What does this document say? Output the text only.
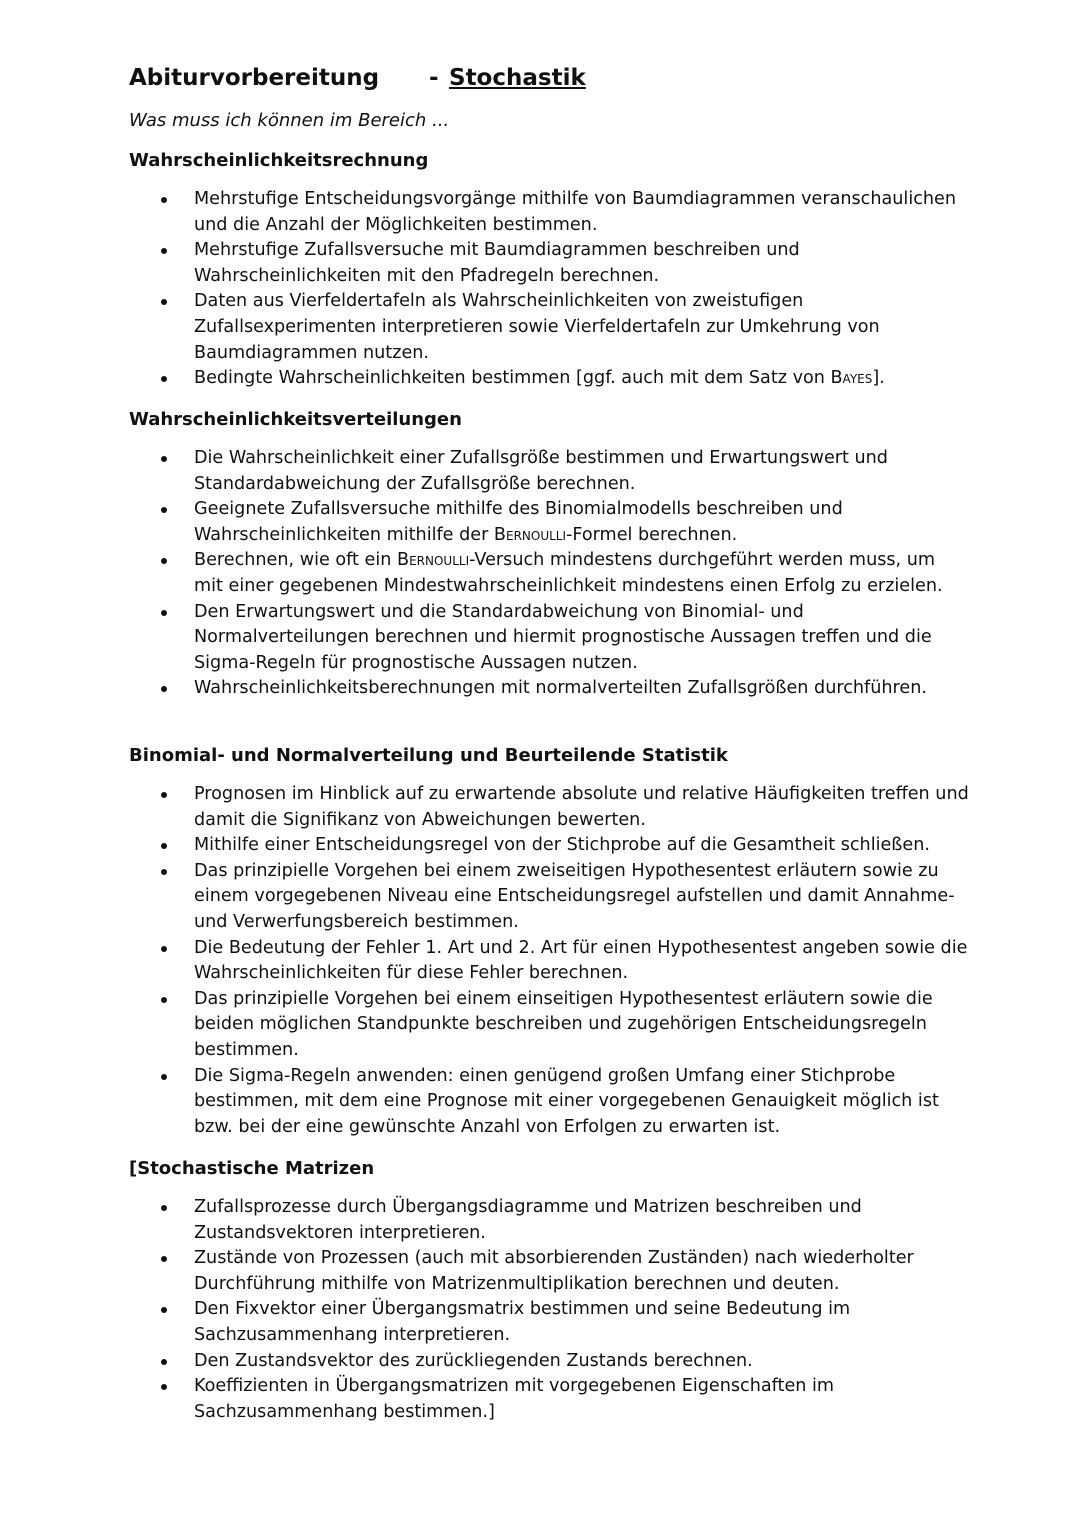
Abiturvorbereitung - Stochastik
Was muss ich können im Bereich ...
Wahrscheinlichkeitsrechnung
Mehrstufige Entscheidungsvorgänge mithilfe von Baumdiagrammen veranschaulichen und die Anzahl der Möglichkeiten bestimmen.
Mehrstufige Zufallsversuche mit Baumdiagrammen beschreiben und Wahrscheinlichkeiten mit den Pfadregeln berechnen.
Daten aus Vierfeldertafeln als Wahrscheinlichkeiten von zweistufigen Zufallsexperimenten interpretieren sowie Vierfeldertafeln zur Umkehrung von Baumdiagrammen nutzen.
Bedingte Wahrscheinlichkeiten bestimmen [ggf. auch mit dem Satz von Bayes].
Wahrscheinlichkeitsverteilungen
Die Wahrscheinlichkeit einer Zufallsgröße bestimmen und Erwartungswert und Standardabweichung der Zufallsgröße berechnen.
Geeignete Zufallsversuche mithilfe des Binomialmodells beschreiben und Wahrscheinlichkeiten mithilfe der Bernoulli-Formel berechnen.
Berechnen, wie oft ein Bernoulli-Versuch mindestens durchgeführt werden muss, um mit einer gegebenen Mindestwahrscheinlichkeit mindestens einen Erfolg zu erzielen.
Den Erwartungswert und die Standardabweichung von Binomial- und Normalverteilungen berechnen und hiermit prognostische Aussagen treffen und die Sigma-Regeln für prognostische Aussagen nutzen.
Wahrscheinlichkeitsberechnungen mit normalverteilten Zufallsgrößen durchführen.
Binomial- und Normalverteilung und Beurteilende Statistik
Prognosen im Hinblick auf zu erwartende absolute und relative Häufigkeiten treffen und damit die Signifikanz von Abweichungen bewerten.
Mithilfe einer Entscheidungsregel von der Stichprobe auf die Gesamtheit schließen.
Das prinzipielle Vorgehen bei einem zweiseitigen Hypothesentest erläutern sowie zu einem vorgegebenen Niveau eine Entscheidungsregel aufstellen und damit Annahme- und Verwerfungsbereich bestimmen.
Die Bedeutung der Fehler 1. Art und 2. Art für einen Hypothesentest angeben sowie die Wahrscheinlichkeiten für diese Fehler berechnen.
Das prinzipielle Vorgehen bei einem einseitigen Hypothesentest erläutern sowie die beiden möglichen Standpunkte beschreiben und zugehörigen Entscheidungsregeln bestimmen.
Die Sigma-Regeln anwenden: einen genügend großen Umfang einer Stichprobe bestimmen, mit dem eine Prognose mit einer vorgegebenen Genauigkeit möglich ist bzw. bei der eine gewünschte Anzahl von Erfolgen zu erwarten ist.
[Stochastische Matrizen
Zufallsprozesse durch Übergangsdiagramme und Matrizen beschreiben und Zustandsvektoren interpretieren.
Zustände von Prozessen (auch mit absorbierenden Zuständen) nach wiederholter Durchführung mithilfe von Matrizenmultiplikation berechnen und deuten.
Den Fixvektor einer Übergangsmatrix bestimmen und seine Bedeutung im Sachzusammenhang interpretieren.
Den Zustandsvektor des zurückliegenden Zustands berechnen.
Koeffizienten in Übergangsmatrizen mit vorgegebenen Eigenschaften im Sachzusammenhang bestimmen.]
